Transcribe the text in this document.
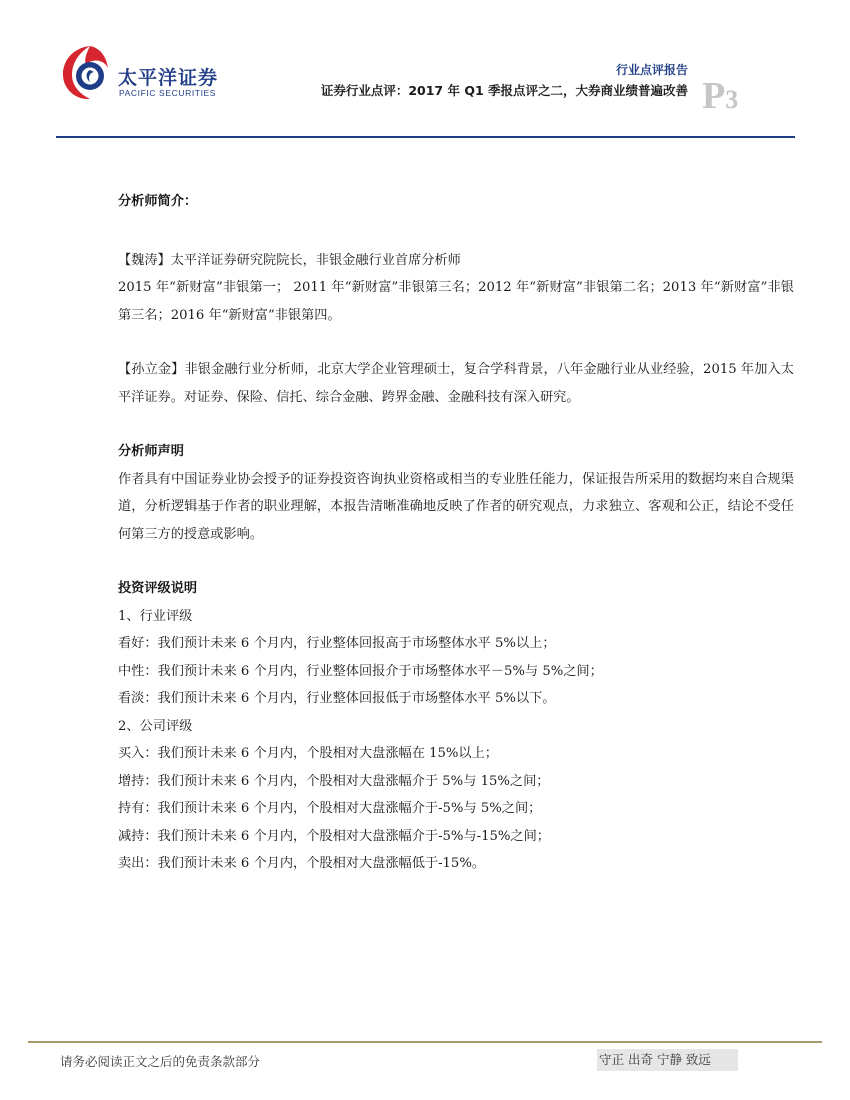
太平洋证券
PACIFIC SECURITIES
行业点评报告
证券行业点评：2017 年 Q1 季报点评之二，大券商业绩普遍改善 P3
分析师简介：
【魏涛】太平洋证券研究院院长，非银金融行业首席分析师
2015 年“新财富”非银第一； 2011 年“新财富”非银第三名；2012 年“新财富”非银第二名；2013 年“新财富”非银第三名；2016 年“新财富”非银第四。
【孙立金】非银金融行业分析师，北京大学企业管理硕士，复合学科背景，八年金融行业从业经验，2015 年加入太平洋证券。对证券、保险、信托、综合金融、跨界金融、金融科技有深入研究。
分析师声明
作者具有中国证券业协会授予的证券投资咨询执业资格或相当的专业胜任能力，保证报告所采用的数据均来自合规渠道，分析逻辑基于作者的职业理解，本报告清晰准确地反映了作者的研究观点，力求独立、客观和公正，结论不受任何第三方的授意或影响。
投资评级说明
1、行业评级
看好：我们预计未来 6 个月内，行业整体回报高于市场整体水平 5%以上；
中性：我们预计未来 6 个月内，行业整体回报介于市场整体水平－5%与 5%之间；
看淡：我们预计未来 6 个月内，行业整体回报低于市场整体水平 5%以下。
2、公司评级
买入：我们预计未来 6 个月内，个股相对大盘涨幅在 15%以上；
增持：我们预计未来 6 个月内，个股相对大盘涨幅介于 5%与 15%之间；
持有：我们预计未来 6 个月内，个股相对大盘涨幅介于-5%与 5%之间；
减持：我们预计未来 6 个月内，个股相对大盘涨幅介于-5%与-15%之间；
卖出：我们预计未来 6 个月内，个股相对大盘涨幅低于-15%。
请务必阅读正文之后的免责条款部分	守正 出奇 宁静 致远
